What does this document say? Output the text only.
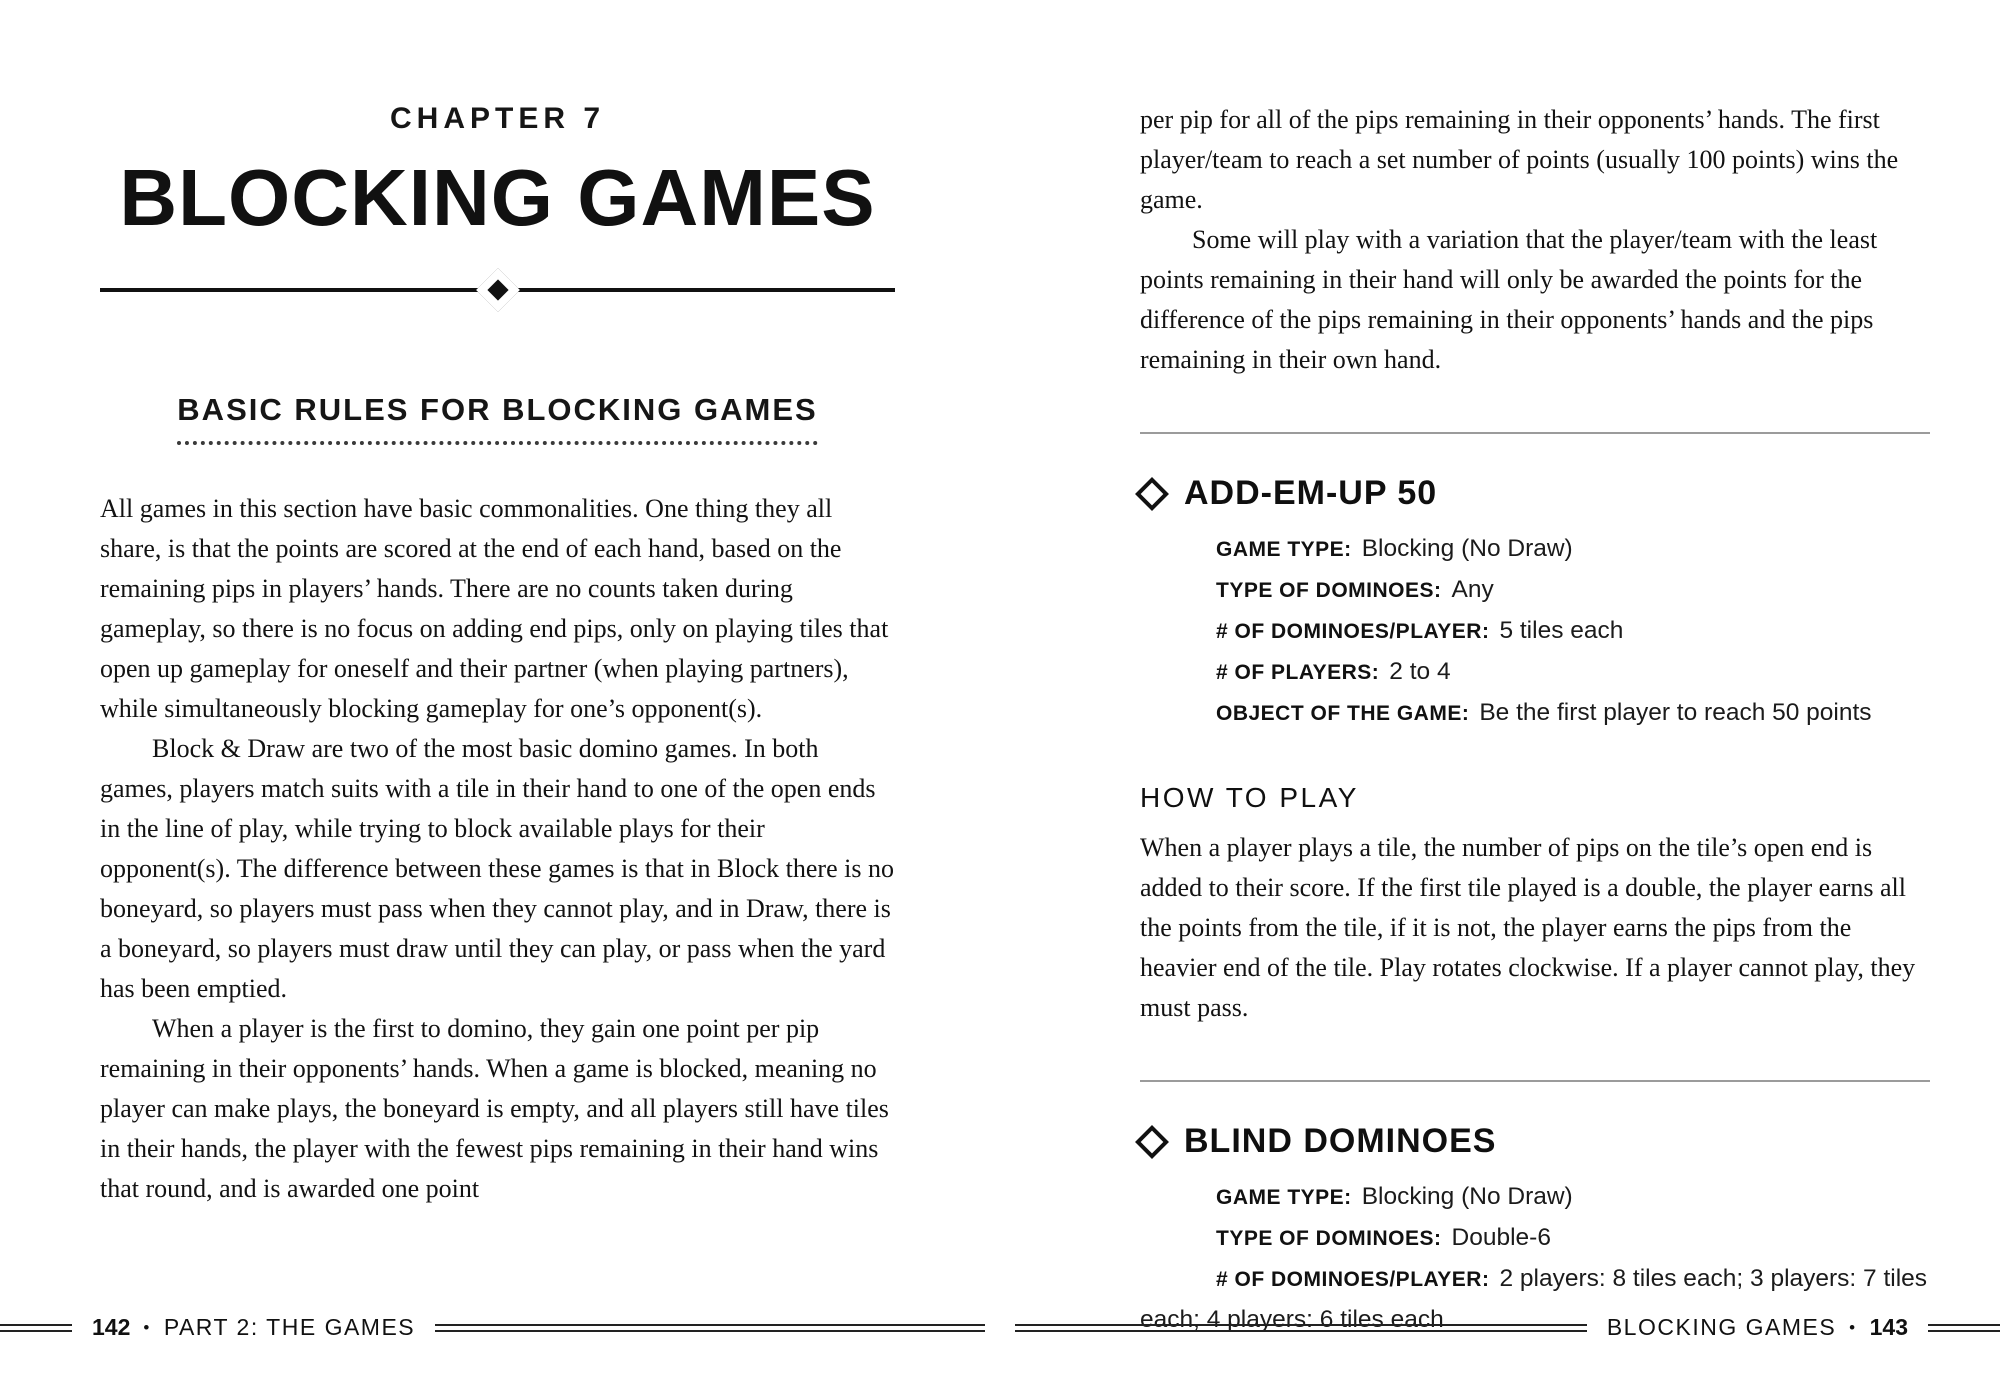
CHAPTER 7
BLOCKING GAMES
BASIC RULES FOR BLOCKING GAMES

All games in this section have basic commonalities. One thing they all share, is that the points are scored at the end of each hand, based on the remaining pips in players’ hands. There are no counts taken during gameplay, so there is no focus on adding end pips, only on playing tiles that open up gameplay for oneself and their partner (when playing partners), while simultaneously blocking gameplay for one’s opponent(s).

Block & Draw are two of the most basic domino games. In both games, players match suits with a tile in their hand to one of the open ends in the line of play, while trying to block available plays for their opponent(s). The difference between these games is that in Block there is no boneyard, so players must pass when they cannot play, and in Draw, there is a boneyard, so players must draw until they can play, or pass when the yard has been emptied.

When a player is the first to domino, they gain one point per pip remaining in their opponents’ hands. When a game is blocked, meaning no player can make plays, the boneyard is empty, and all players still have tiles in their hands, the player with the fewest pips remaining in their hand wins that round, and is awarded one point

per pip for all of the pips remaining in their opponents’ hands. The first player/team to reach a set number of points (usually 100 points) wins the game.

Some will play with a variation that the player/team with the least points remaining in their hand will only be awarded the points for the difference of the pips remaining in their opponents’ hands and the pips remaining in their own hand.

ADD-EM-UP 50
GAME TYPE: Blocking (No Draw)
TYPE OF DOMINOES: Any
# OF DOMINOES/PLAYER: 5 tiles each
# OF PLAYERS: 2 to 4
OBJECT OF THE GAME: Be the first player to reach 50 points
HOW TO PLAY

When a player plays a tile, the number of pips on the tile’s open end is added to their score. If the first tile played is a double, the player earns all the points from the tile, if it is not, the player earns the pips from the heavier end of the tile. Play rotates clockwise. If a player cannot play, they must pass.

BLIND DOMINOES
GAME TYPE: Blocking (No Draw)
TYPE OF DOMINOES: Double-6
# OF DOMINOES/PLAYER: 2 players: 8 tiles each; 3 players: 7 tiles each; 4 players: 6 tiles each
142 • PART 2: THE GAMES	BLOCKING GAMES • 143
